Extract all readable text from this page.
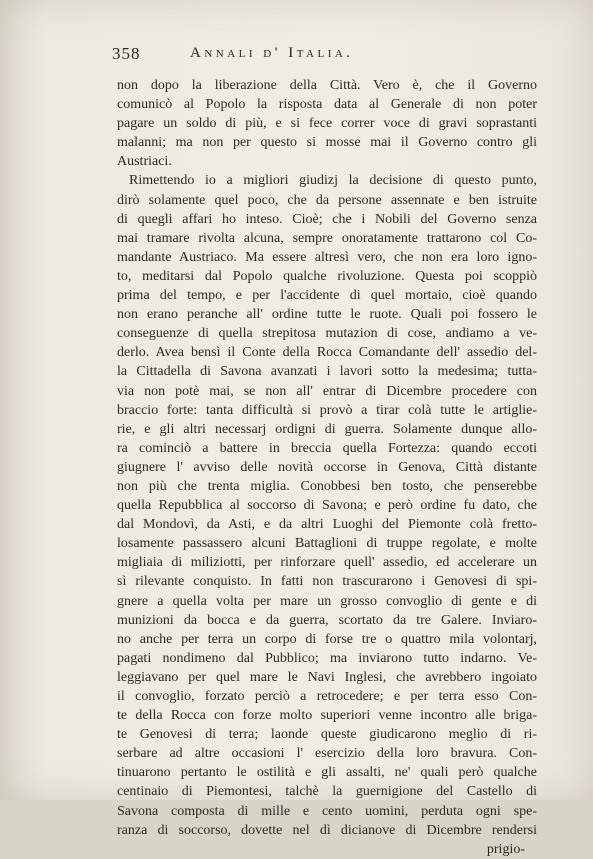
358	Annali d' Italia.
non dopo la liberazione della Città. Vero è, che il Governo
comunicò al Popolo la risposta data al Generale di non poter
pagare un soldo di più, e si fece correr voce di gravi soprastanti
malanni; ma non per questo si mosse mai il Governo contro gli
Austriaci.
Rimettendo io a migliori giudizj la decisione di questo punto,
dirò solamente quel poco, che da persone assennate e ben istruite
di quegli affari ho inteso. Cioè; che i Nobili del Governo senza
mai tramare rivolta alcuna, sempre onoratamente trattarono col Co-
mandante Austriaco. Ma essere altresì vero, che non era loro igno-
to, meditarsi dal Popolo qualche rivoluzione. Questa poi scoppiò
prima del tempo, e per l'accidente di quel mortaio, cioè quando
non erano peranche all' ordine tutte le ruote. Quali poi fossero le
conseguenze di quella strepitosa mutazion di cose, andiamo a ve-
derlo. Avea bensì il Conte della Rocca Comandante dell' assedio del-
la Cittadella di Savona avanzati i lavori sotto la medesima; tutta-
via non potè mai, se non all' entrar di Dicembre procedere con
braccio forte: tanta difficultà si provò a tirar colà tutte le artiglie-
rie, e gli altri necessarj ordigni di guerra. Solamente dunque allo-
ra cominciò a battere in breccia quella Fortezza: quando eccoti
giugnere l' avviso delle novità occorse in Genova, Città distante
non più che trenta miglia. Conobbesi ben tosto, che penserebbe
quella Repubblica al soccorso di Savona; e però ordine fu dato, che
dal Mondovì, da Asti, e da altri Luoghi del Piemonte colà fretto-
losamente passassero alcuni Battaglioni di truppe regolate, e molte
migliaia di miliziotti, per rinforzare quell' assedio, ed accelerare un
sì rilevante conquisto. In fatti non trascurarono i Genovesi di spi-
gnere a quella volta per mare un grosso convoglio di gente e di
munizioni da bocca e da guerra, scortato da tre Galere. Inviaro-
no anche per terra un corpo di forse tre o quattro mila volontarj,
pagati nondimeno dal Pubblico; ma inviarono tutto indarno. Ve-
leggiavano per quel mare le Navi Inglesi, che avrebbero ingoiato
il convoglio, forzato perciò a retrocedere; e per terra esso Con-
te della Rocca con forze molto superiori venne incontro alle briga-
te Genovesi di terra; laonde queste giudicarono meglio di ri-
serbare ad altre occasioni l' esercizio della loro bravura. Con-
tinuarono pertanto le ostilità e gli assalti, ne' quali però qualche
centinaio di Piemontesi, talchè la guernigione del Castello di
Savona composta di mille e cento uomini, perduta ogni spe-
ranza di soccorso, dovette nel dì dicianove di Dicembre rendersi
prigio-
